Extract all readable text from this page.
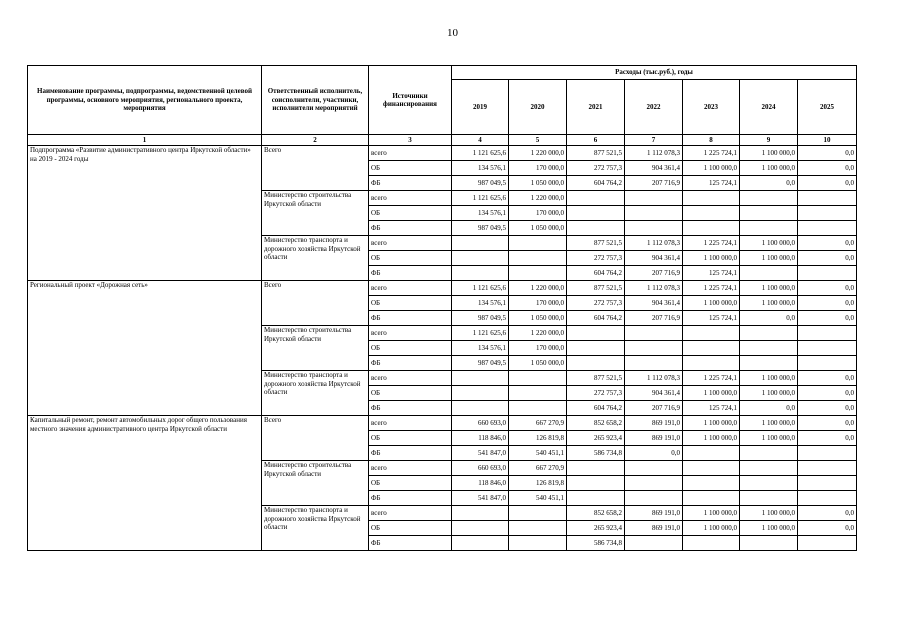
10
Наименование программы, подпрограммы, ведомственной целевой программы, основного мероприятия, регионального проекта, мероприятия	Ответственный исполнитель, соисполнители, участники, исполнители мероприятий	Источники финансирования	Расходы (тыс.руб.), годы						
			2019	2020	2021	2022	2023	2024	2025
1	2	3	4	5	6	7	8	9	10
Подпрограмма «Развитие административного центра Иркутской области» на 2019 - 2024 годы	Всего	всего	1 121 625,6	1 220 000,0	877 521,5	1 112 078,3	1 225 724,1	1 100 000,0	0,0
		ОБ	134 576,1	170 000,0	272 757,3	904 361,4	1 100 000,0	1 100 000,0	0,0
		ФБ	987 049,5	1 050 000,0	604 764,2	207 716,9	125 724,1	0,0	0,0
	Министерство строительства Иркутской области	всего	1 121 625,6	1 220 000,0					
		ОБ	134 576,1	170 000,0					
		ФБ	987 049,5	1 050 000,0					
	Министерство транспорта и дорожного хозяйства Иркутской области	всего			877 521,5	1 112 078,3	1 225 724,1	1 100 000,0	0,0
		ОБ			272 757,3	904 361,4	1 100 000,0	1 100 000,0	0,0
		ФБ			604 764,2	207 716,9	125 724,1		
Региональный проект «Дорожная сеть»	Всего	всего	1 121 625,6	1 220 000,0	877 521,5	1 112 078,3	1 225 724,1	1 100 000,0	0,0
		ОБ	134 576,1	170 000,0	272 757,3	904 361,4	1 100 000,0	1 100 000,0	0,0
		ФБ	987 049,5	1 050 000,0	604 764,2	207 716,9	125 724,1	0,0	0,0
	Министерство строительства Иркутской области	всего	1 121 625,6	1 220 000,0					
		ОБ	134 576,1	170 000,0					
		ФБ	987 049,5	1 050 000,0					
	Министерство транспорта и дорожного хозяйства Иркутской области	всего			877 521,5	1 112 078,3	1 225 724,1	1 100 000,0	0,0
		ОБ			272 757,3	904 361,4	1 100 000,0	1 100 000,0	0,0
		ФБ			604 764,2	207 716,9	125 724,1	0,0	0,0
Капитальный ремонт, ремонт автомобильных дорог общего пользования местного значения административного центра Иркутской области	Всего	всего	660 693,0	667 270,9	852 658,2	869 191,0	1 100 000,0	1 100 000,0	0,0
		ОБ	118 846,0	126 819,8	265 923,4	869 191,0	1 100 000,0	1 100 000,0	0,0
		ФБ	541 847,0	540 451,1	586 734,8	0,0			
	Министерство строительства Иркутской области	всего	660 693,0	667 270,9					
		ОБ	118 846,0	126 819,8					
		ФБ	541 847,0	540 451,1					
	Министерство транспорта и дорожного хозяйства Иркутской области	всего			852 658,2	869 191,0	1 100 000,0	1 100 000,0	0,0
		ОБ			265 923,4	869 191,0	1 100 000,0	1 100 000,0	0,0
		ФБ			586 734,8				
